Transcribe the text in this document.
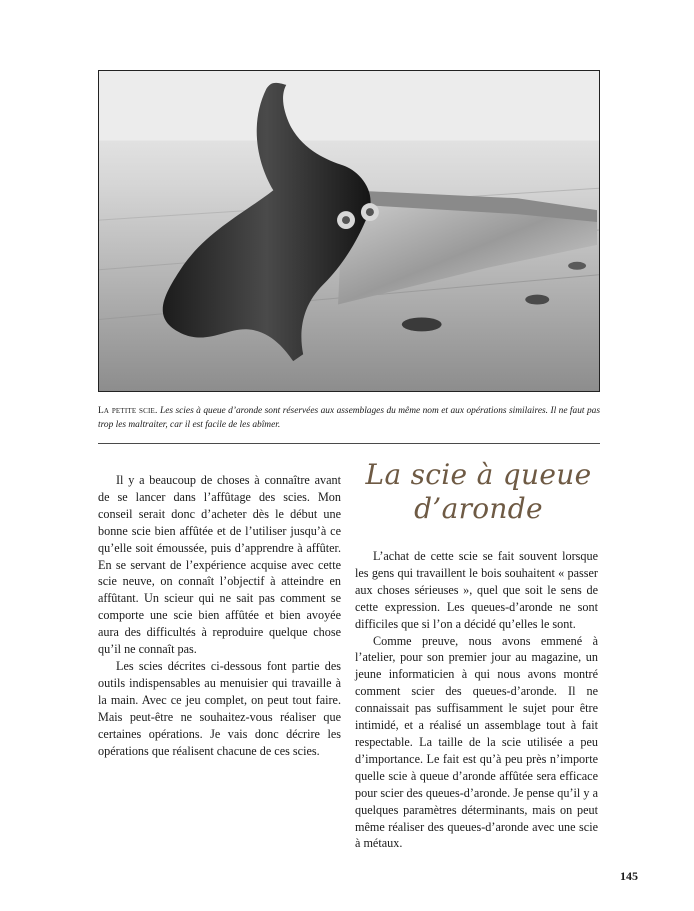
La petite scie. Les scies à queue d’aronde sont réservées aux assemblages du même nom et aux opérations similaires. Il ne faut pas trop les maltraiter, car il est facile de les abîmer.

Il y a beaucoup de choses à connaître avant de se lancer dans l’affûtage des scies. Mon conseil serait donc d’acheter dès le début une bonne scie bien affûtée et de l’utiliser jusqu’à ce qu’elle soit émoussée, puis d’apprendre à affûter. En se servant de l’expérience acquise avec cette scie neuve, on connaît l’objectif à atteindre en affûtant. Un scieur qui ne sait pas comment se comporte une scie bien affûtée et bien avoyée aura des difficultés à reproduire quelque chose qu’il ne connaît pas.

Les scies décrites ci-dessous font partie des outils indispensables au menuisier qui travaille à la main. Avec ce jeu complet, on peut tout faire. Mais peut-être ne souhaitez-vous réaliser que certaines opérations. Je vais donc décrire les opérations que réalisent chacune de ces scies.

La scie à queue
d’aronde

L’achat de cette scie se fait souvent lorsque les gens qui travaillent le bois souhaitent « passer aux choses sérieuses », quel que soit le sens de cette expression. Les queues-d’aronde ne sont difficiles que si l’on a décidé qu’elles le sont.

Comme preuve, nous avons emmené à l’atelier, pour son premier jour au magazine, un jeune informaticien à qui nous avons montré comment scier des queues-d’aronde. Il ne connaissait pas suffisamment le sujet pour être intimidé, et a réalisé un assemblage tout à fait respectable. La taille de la scie utilisée a peu d’importance. Le fait est qu’à peu près n’importe quelle scie à queue d’aronde affûtée sera efficace pour scier des queues-d’aronde. Je pense qu’il y a quelques paramètres déterminants, mais on peut même réaliser des queues-d’aronde avec une scie à métaux.

145
